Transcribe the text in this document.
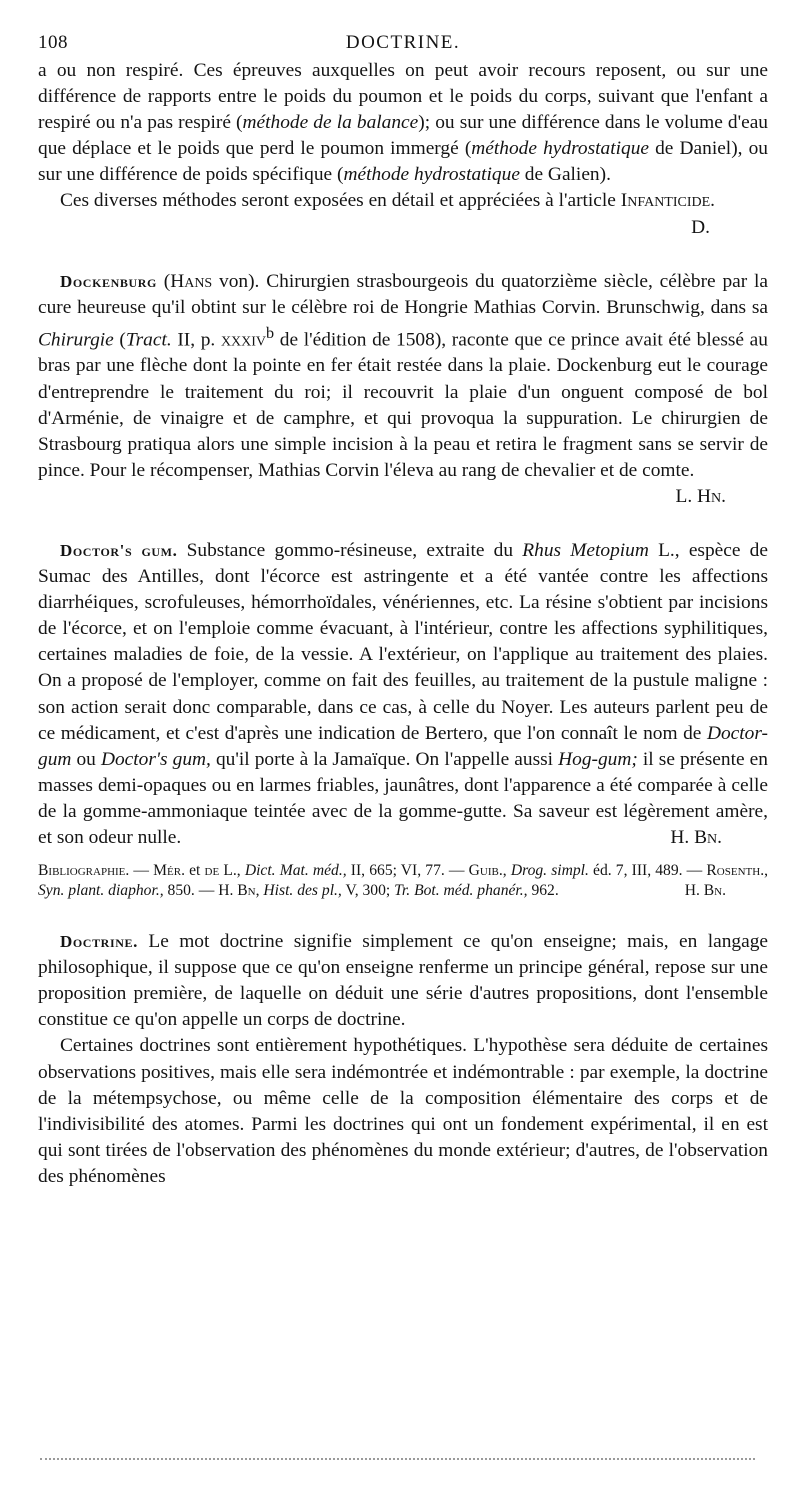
108	DOCTRINE.

a ou non respiré. Ces épreuves auxquelles on peut avoir recours reposent, ou sur une différence de rapports entre le poids du poumon et le poids du corps, suivant que l'enfant a respiré ou n'a pas respiré (méthode de la balance); ou sur une différence dans le volume d'eau que déplace et le poids que perd le poumon immergé (méthode hydrostatique de Daniel), ou sur une différence de poids spécifique (méthode hydrostatique de Galien).

Ces diverses méthodes seront exposées en détail et appréciées à l'article Infanticide.
D.

Dockenburg (Hans von). Chirurgien strasbourgeois du quatorzième siècle, célèbre par la cure heureuse qu'il obtint sur le célèbre roi de Hongrie Mathias Corvin. Brunschwig, dans sa Chirurgie (Tract. II, p. xxxiv$^b$ de l'édition de 1508), raconte que ce prince avait été blessé au bras par une flèche dont la pointe en fer était restée dans la plaie. Dockenburg eut le courage d'entreprendre le traitement du roi; il recouvrit la plaie d'un onguent composé de bol d'Arménie, de vinaigre et de camphre, et qui provoqua la suppuration. Le chirurgien de Strasbourg pratiqua alors une simple incision à la peau et retira le fragment sans se servir de pince. Pour le récompenser, Mathias Corvin l'éleva au rang de chevalier et de comte.
L. Hn.

Doctor's gum. Substance gommo-résineuse, extraite du Rhus Metopium L., espèce de Sumac des Antilles, dont l'écorce est astringente et a été vantée contre les affections diarrhéiques, scrofuleuses, hémorrhoïdales, vénériennes, etc. La résine s'obtient par incisions de l'écorce, et on l'emploie comme évacuant, à l'intérieur, contre les affections syphilitiques, certaines maladies de foie, de la vessie. A l'extérieur, on l'applique au traitement des plaies. On a proposé de l'employer, comme on fait des feuilles, au traitement de la pustule maligne : son action serait donc comparable, dans ce cas, à celle du Noyer. Les auteurs parlent peu de ce médicament, et c'est d'après une indication de Bertero, que l'on connaît le nom de Doctor-gum ou Doctor's gum, qu'il porte à la Jamaïque. On l'appelle aussi Hog-gum; il se présente en masses demi-opaques ou en larmes friables, jaunâtres, dont l'apparence a été comparée à celle de la gomme-ammoniaque teintée avec de la gomme-gutte. Sa saveur est légèrement amère, et son odeur nulle.	H. Bn.

Bibliographie. — Mér. et de L., Dict. Mat. méd., II, 665; VI, 77. — Guib., Drog. simpl. éd. 7, III, 489. — Rosenth., Syn. plant. diaphor., 850. — H. Bn, Hist. des pl., V, 300; Tr. Bot. méd. phanér., 962.	H. Bn.

Doctrine. Le mot doctrine signifie simplement ce qu'on enseigne; mais, en langage philosophique, il suppose que ce qu'on enseigne renferme un principe général, repose sur une proposition première, de laquelle on déduit une série d'autres propositions, dont l'ensemble constitue ce qu'on appelle un corps de doctrine.

Certaines doctrines sont entièrement hypothétiques. L'hypothèse sera déduite de certaines observations positives, mais elle sera indémontrée et indémontrable : par exemple, la doctrine de la métempsychose, ou même celle de la composition élémentaire des corps et de l'indivisibilité des atomes. Parmi les doctrines qui ont un fondement expérimental, il en est qui sont tirées de l'observation des phénomènes du monde extérieur; d'autres, de l'observation des phénomènes
